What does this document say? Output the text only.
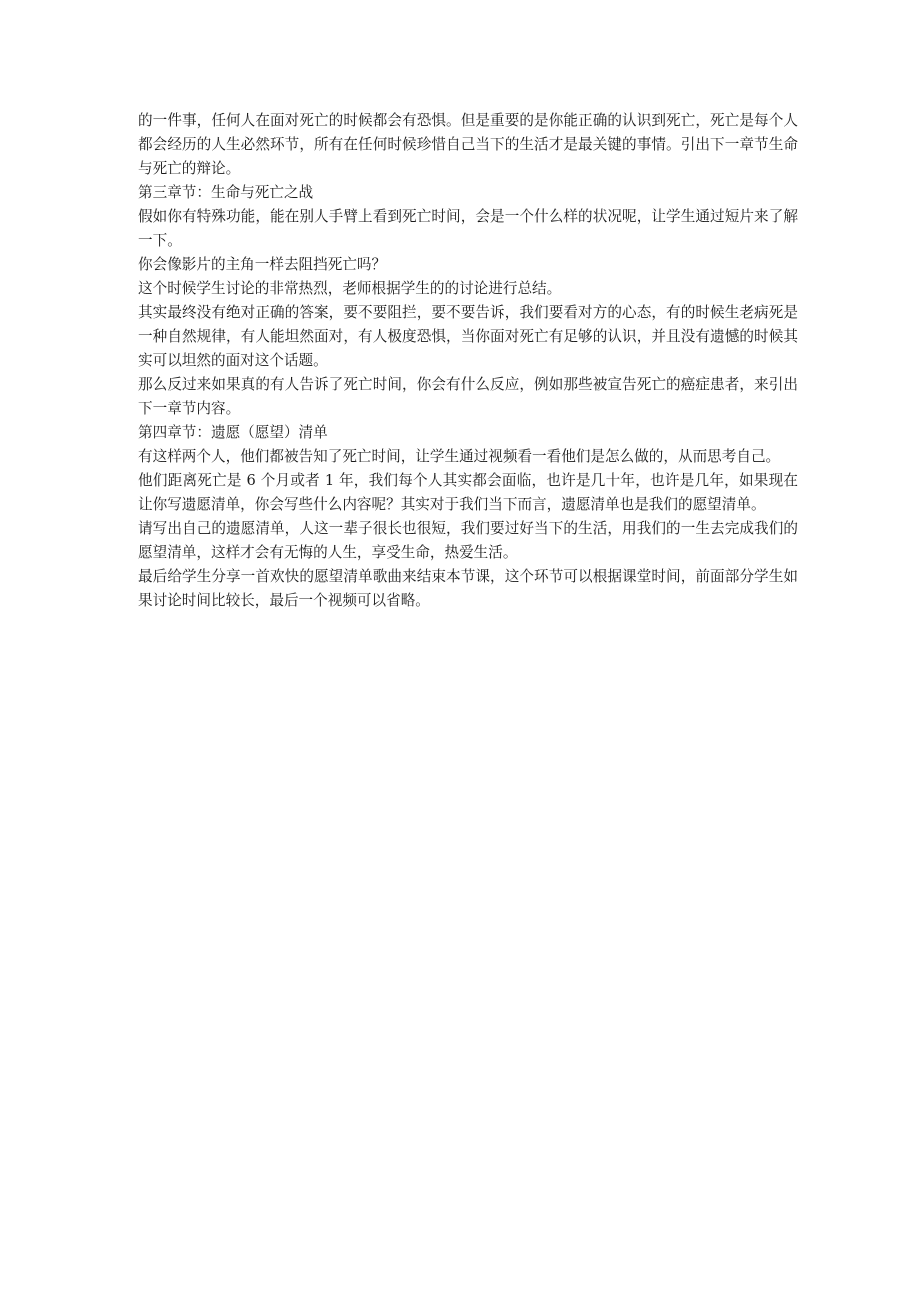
的一件事，任何人在面对死亡的时候都会有恐惧。但是重要的是你能正确的认识到死亡，死亡是每个人都会经历的人生必然环节，所有在任何时候珍惜自己当下的生活才是最关键的事情。引出下一章节生命与死亡的辩论。

第三章节：生命与死亡之战

假如你有特殊功能，能在别人手臂上看到死亡时间，会是一个什么样的状况呢，让学生通过短片来了解一下。

你会像影片的主角一样去阻挡死亡吗？

这个时候学生讨论的非常热烈，老师根据学生的的讨论进行总结。

其实最终没有绝对正确的答案，要不要阻拦，要不要告诉，我们要看对方的心态，有的时候生老病死是一种自然规律，有人能坦然面对，有人极度恐惧，当你面对死亡有足够的认识，并且没有遗憾的时候其实可以坦然的面对这个话题。

那么反过来如果真的有人告诉了死亡时间，你会有什么反应，例如那些被宣告死亡的癌症患者，来引出下一章节内容。

第四章节：遗愿（愿望）清单

有这样两个人，他们都被告知了死亡时间，让学生通过视频看一看他们是怎么做的，从而思考自己。

他们距离死亡是 6 个月或者 1 年，我们每个人其实都会面临，也许是几十年，也许是几年，如果现在让你写遗愿清单，你会写些什么内容呢？其实对于我们当下而言，遗愿清单也是我们的愿望清单。

请写出自己的遗愿清单，人这一辈子很长也很短，我们要过好当下的生活，用我们的一生去完成我们的愿望清单，这样才会有无悔的人生，享受生命，热爱生活。

最后给学生分享一首欢快的愿望清单歌曲来结束本节课，这个环节可以根据课堂时间，前面部分学生如果讨论时间比较长，最后一个视频可以省略。
